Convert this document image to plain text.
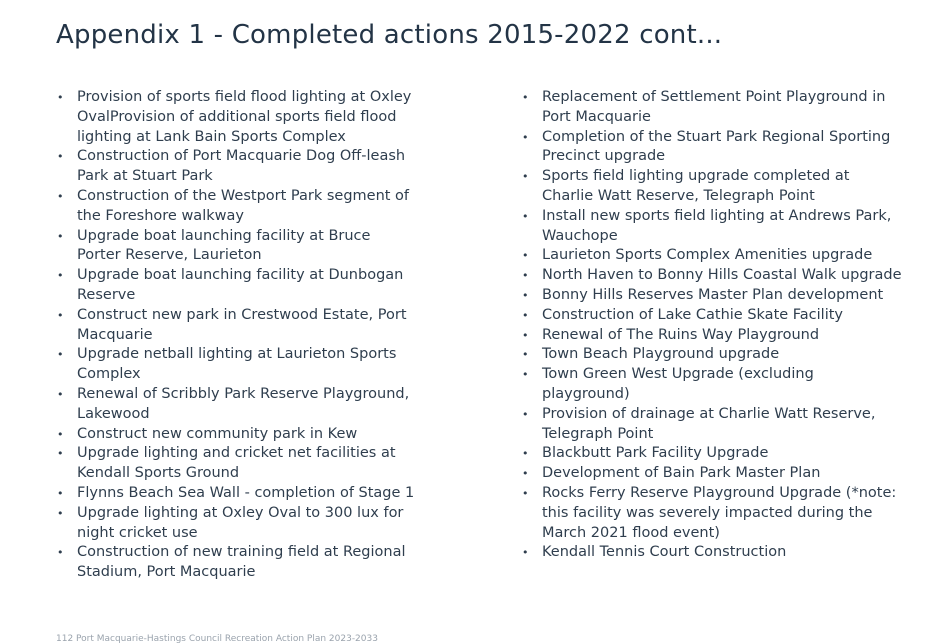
Appendix 1 - Completed actions 2015-2022 cont...
• Provision of sports field flood lighting at Oxley OvalProvision of additional sports field flood lighting at Lank Bain Sports Complex
• Construction of Port Macquarie Dog Off-leash Park at Stuart Park
• Construction of the Westport Park segment of the Foreshore walkway
• Upgrade boat launching facility at Bruce Porter Reserve, Laurieton
• Upgrade boat launching facility at Dunbogan Reserve
• Construct new park in Crestwood Estate, Port Macquarie
• Upgrade netball lighting at Laurieton Sports Complex
• Renewal of Scribbly Park Reserve Playground, Lakewood
• Construct new community park in Kew
• Upgrade lighting and cricket net facilities at Kendall Sports Ground
• Flynns Beach Sea Wall - completion of Stage 1
• Upgrade lighting at Oxley Oval to 300 lux for night cricket use
• Construction of new training field at Regional Stadium, Port Macquarie
• Replacement of Settlement Point Playground in Port Macquarie
• Completion of the Stuart Park Regional Sporting Precinct upgrade
• Sports field lighting upgrade completed at Charlie Watt Reserve, Telegraph Point
• Install new sports field lighting at Andrews Park, Wauchope
• Laurieton Sports Complex Amenities upgrade
• North Haven to Bonny Hills Coastal Walk upgrade
• Bonny Hills Reserves Master Plan development
• Construction of Lake Cathie Skate Facility
• Renewal of The Ruins Way Playground
• Town Beach Playground upgrade
• Town Green West Upgrade (excluding playground)
• Provision of drainage at Charlie Watt Reserve, Telegraph Point
• Blackbutt Park Facility Upgrade
• Development of Bain Park Master Plan
• Rocks Ferry Reserve Playground Upgrade (*note: this facility was severely impacted during the March 2021 flood event)
• Kendall Tennis Court Construction
112 Port Macquarie-Hastings Council Recreation Action Plan 2023-2033
